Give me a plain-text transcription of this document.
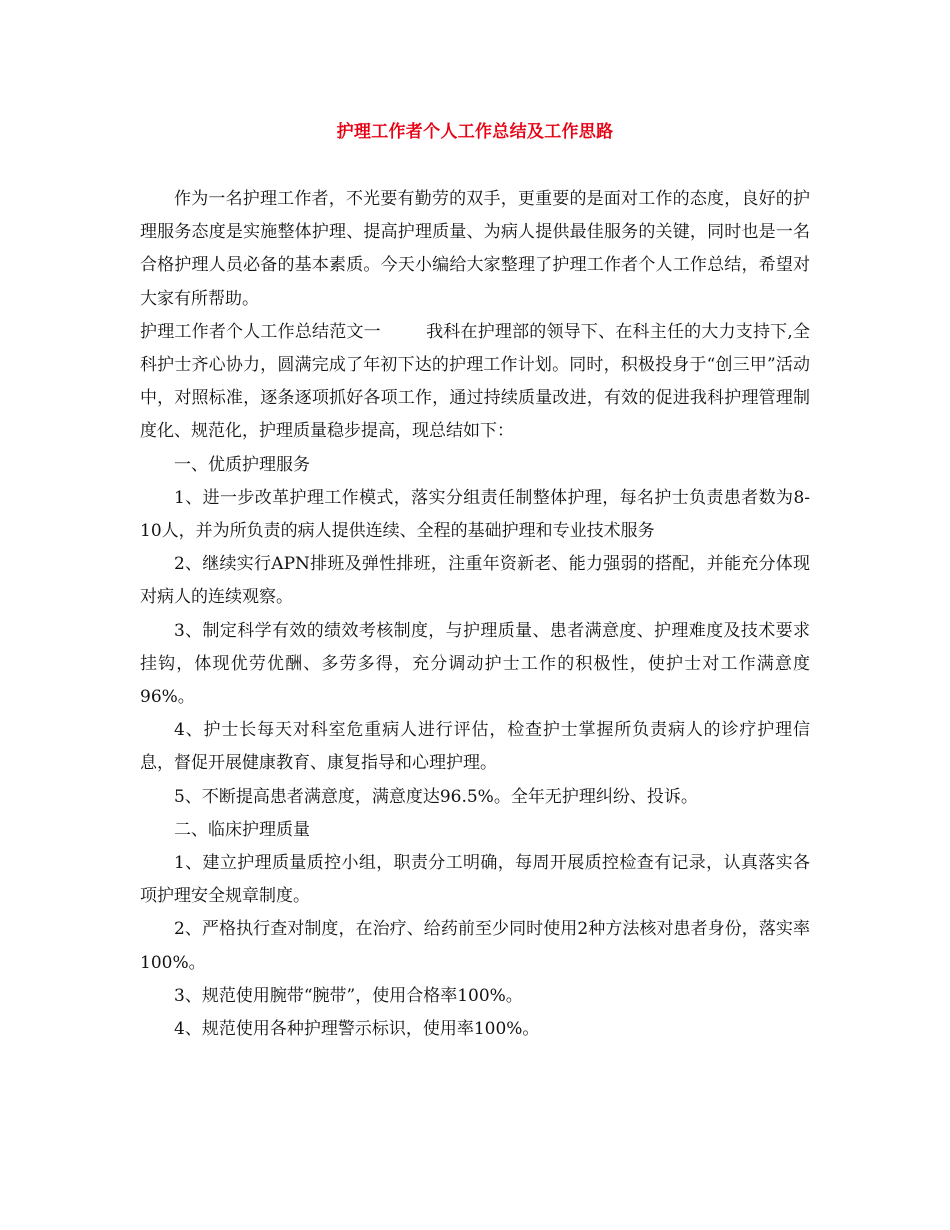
护理工作者个人工作总结及工作思路

作为一名护理工作者，不光要有勤劳的双手，更重要的是面对工作的态度，良好的护理服务态度是实施整体护理、提高护理质量、为病人提供最佳服务的关键，同时也是一名合格护理人员必备的基本素质。今天小编给大家整理了护理工作者个人工作总结，希望对大家有所帮助。

护理工作者个人工作总结范文一	我科在护理部的领导下、在科主任的大力支持下,全科护士齐心协力，圆满完成了年初下达的护理工作计划。同时，积极投身于“创三甲”活动中，对照标准，逐条逐项抓好各项工作，通过持续质量改进，有效的促进我科护理管理制度化、规范化，护理质量稳步提高，现总结如下：

一、优质护理服务

1、进一步改革护理工作模式，落实分组责任制整体护理，每名护士负责患者数为8-10人，并为所负责的病人提供连续、全程的基础护理和专业技术服务

2、继续实行APN排班及弹性排班，注重年资新老、能力强弱的搭配，并能充分体现对病人的连续观察。

3、制定科学有效的绩效考核制度，与护理质量、患者满意度、护理难度及技术要求挂钩，体现优劳优酬、多劳多得，充分调动护士工作的积极性，使护士对工作满意度96%。

4、护士长每天对科室危重病人进行评估，检查护士掌握所负责病人的诊疗护理信息，督促开展健康教育、康复指导和心理护理。

5、不断提高患者满意度，满意度达96.5%。全年无护理纠纷、投诉。

二、临床护理质量

1、建立护理质量质控小组，职责分工明确，每周开展质控检查有记录，认真落实各项护理安全规章制度。

2、严格执行查对制度，在治疗、给药前至少同时使用2种方法核对患者身份，落实率100%。

3、规范使用腕带“腕带”，使用合格率100%。

4、规范使用各种护理警示标识，使用率100%。
